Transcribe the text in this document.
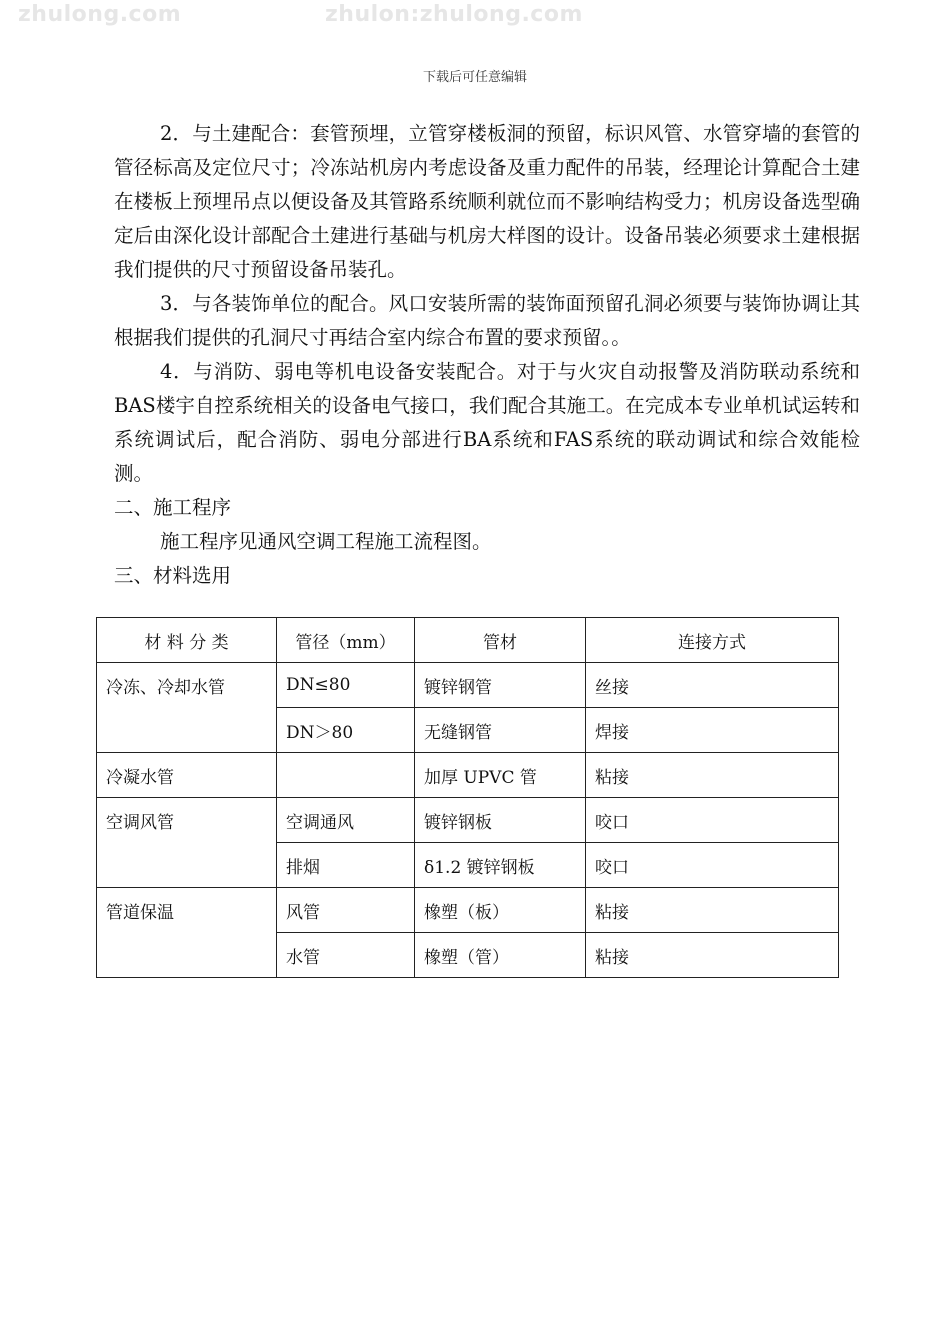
zhulong.com	zhulon:zhulong.com
下载后可任意编辑

2．与土建配合：套管预埋，立管穿楼板洞的预留，标识风管、水管穿墙的套管的管径标高及定位尺寸；冷冻站机房内考虑设备及重力配件的吊装，经理论计算配合土建在楼板上预埋吊点以便设备及其管路系统顺利就位而不影响结构受力；机房设备选型确定后由深化设计部配合土建进行基础与机房大样图的设计。设备吊装必须要求土建根据我们提供的尺寸预留设备吊装孔。

3．与各装饰单位的配合。风口安装所需的装饰面预留孔洞必须要与装饰协调让其根据我们提供的孔洞尺寸再结合室内综合布置的要求预留。。

4．与消防、弱电等机电设备安装配合。对于与火灾自动报警及消防联动系统和BAS楼宇自控系统相关的设备电气接口，我们配合其施工。在完成本专业单机试运转和系统调试后，配合消防、弱电分部进行BA系统和FAS系统的联动调试和综合效能检测。

二、施工程序

施工程序见通风空调工程施工流程图。

三、材料选用

材 料 分 类	管径（mm）	管材	连接方式
冷冻、冷却水管	DN≤80	镀锌钢管	丝接
	DN＞80	无缝钢管	焊接
冷凝水管		加厚 UPVC 管	粘接
空调风管	空调通风	镀锌钢板	咬口
	排烟	δ1.2 镀锌钢板	咬口
管道保温	风管	橡塑（板）	粘接
	水管	橡塑（管）	粘接
